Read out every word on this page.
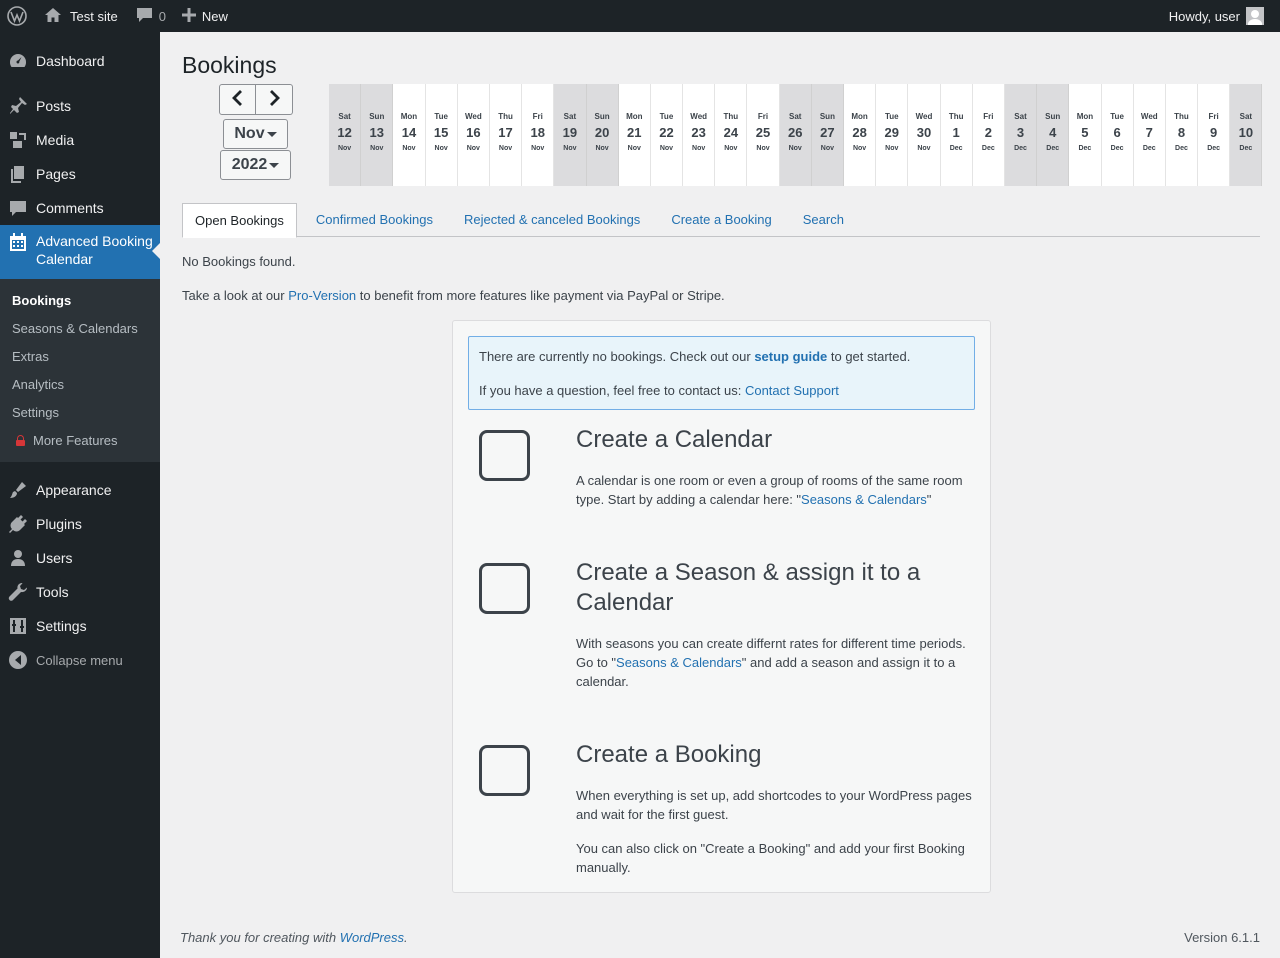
Test site	0	New	Howdy, user
Dashboard
Posts
Media
Pages
Comments
Advanced Booking Calendar
Bookings
Seasons & Calendars
Extras
Analytics
Settings
More Features
Appearance
Plugins
Users
Tools
Settings
Collapse menu
Bookings
Nov
2022
Sat
12
Nov
Sun
13
Nov
Mon
14
Nov
Tue
15
Nov
Wed
16
Nov
Thu
17
Nov
Fri
18
Nov
Sat
19
Nov
Sun
20
Nov
Mon
21
Nov
Tue
22
Nov
Wed
23
Nov
Thu
24
Nov
Fri
25
Nov
Sat
26
Nov
Sun
27
Nov
Mon
28
Nov
Tue
29
Nov
Wed
30
Nov
Thu
1
Dec
Fri
2
Dec
Sat
3
Dec
Sun
4
Dec
Mon
5
Dec
Tue
6
Dec
Wed
7
Dec
Thu
8
Dec
Fri
9
Dec
Sat
10
Dec
Open Bookings	Confirmed Bookings	Rejected & canceled Bookings	Create a Booking	Search
No Bookings found.
Take a look at our Pro-Version to benefit from more features like payment via PayPal or Stripe.

There are currently no bookings. Check out our setup guide to get started.

If you have a question, feel free to contact us: Contact Support

Create a Calendar

A calendar is one room or even a group of rooms of the same room type. Start by adding a calendar here: "Seasons & Calendars"

Create a Season & assign it to a Calendar

With seasons you can create differnt rates for different time periods. Go to "Seasons & Calendars" and add a season and assign it to a calendar.

Create a Booking

When everything is set up, add shortcodes to your WordPress pages and wait for the first guest.

You can also click on "Create a Booking" and add your first Booking manually.

Thank you for creating with WordPress.	Version 6.1.1
